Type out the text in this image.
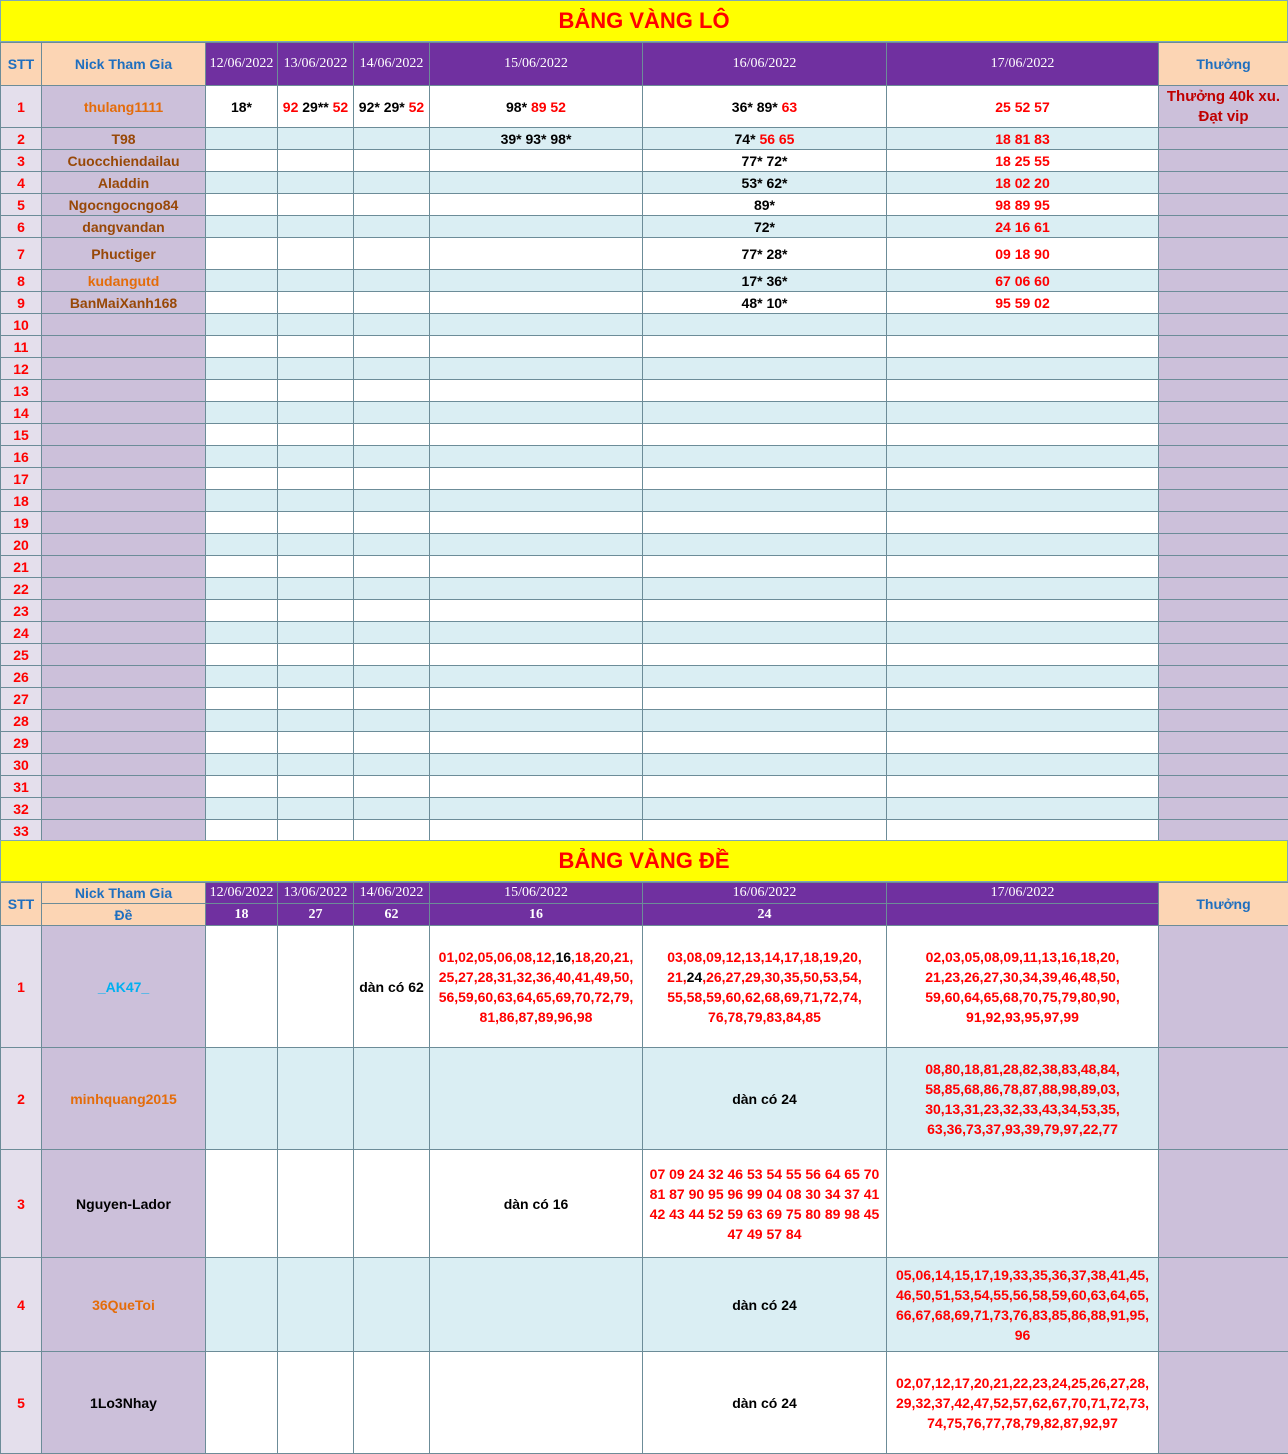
BẢNG VÀNG LÔ
STT	Nick Tham Gia	12/06/2022	13/06/2022	14/06/2022	15/06/2022	16/06/2022	17/06/2022	Thưởng
1	thulang1111	18*	92 29** 52	92* 29* 52	98* 89 52	36* 89* 63	25 52 57	Thưởng 40k xu. Đạt vip
2	T98				39* 93* 98*	74* 56 65	18 81 83	
3	Cuocchiendailau					77* 72*	18 25 55	
4	Aladdin					53* 62*	18 02 20	
5	Ngocngocngo84					89*	98 89 95	
6	dangvandan					72*	24 16 61	
7	Phuctiger					77* 28*	09 18 90	
8	kudangutd					17* 36*	67 06 60	
9	BanMaiXanh168					48* 10*	95 59 02	
10								
11								
12								
13								
14								
15								
16								
17								
18								
19								
20								
21								
22								
23								
24								
25								
26								
27								
28								
29								
30								
31								
32								
33								
BẢNG VÀNG ĐỀ
STT	Nick Tham Gia	12/06/2022	13/06/2022	14/06/2022	15/06/2022	16/06/2022	17/06/2022	Thưởng
	Đề	18	27	62	16	24		
1	_AK47_			dàn có 62	01,02,05,06,08,12,16,18,20,21, 25,27,28,31,32,36,40,41,49,50, 56,59,60,63,64,65,69,70,72,79, 81,86,87,89,96,98	03,08,09,12,13,14,17,18,19,20, 21,24,26,27,29,30,35,50,53,54, 55,58,59,60,62,68,69,71,72,74, 76,78,79,83,84,85	02,03,05,08,09,11,13,16,18,20, 21,23,26,27,30,34,39,46,48,50, 59,60,64,65,68,70,75,79,80,90, 91,92,93,95,97,99	
2	minhquang2015					dàn có 24	08,80,18,81,28,82,38,83,48,84, 58,85,68,86,78,87,88,98,89,03, 30,13,31,23,32,33,43,34,53,35, 63,36,73,37,93,39,79,97,22,77	
3	Nguyen-Lador				dàn có 16	07 09 24 32 46 53 54 55 56 64 65 70 81 87 90 95 96 99 04 08 30 34 37 41 42 43 44 52 59 63 69 75 80 89 98 45 47 49 57 84		
4	36QueToi					dàn có 24	05,06,14,15,17,19,33,35,36,37,38,41,45, 46,50,51,53,54,55,56,58,59,60,63,64,65, 66,67,68,69,71,73,76,83,85,86,88,91,95, 96	
5	1Lo3Nhay					dàn có 24	02,07,12,17,20,21,22,23,24,25,26,27,28, 29,32,37,42,47,52,57,62,67,70,71,72,73, 74,75,76,77,78,79,82,87,92,97	
